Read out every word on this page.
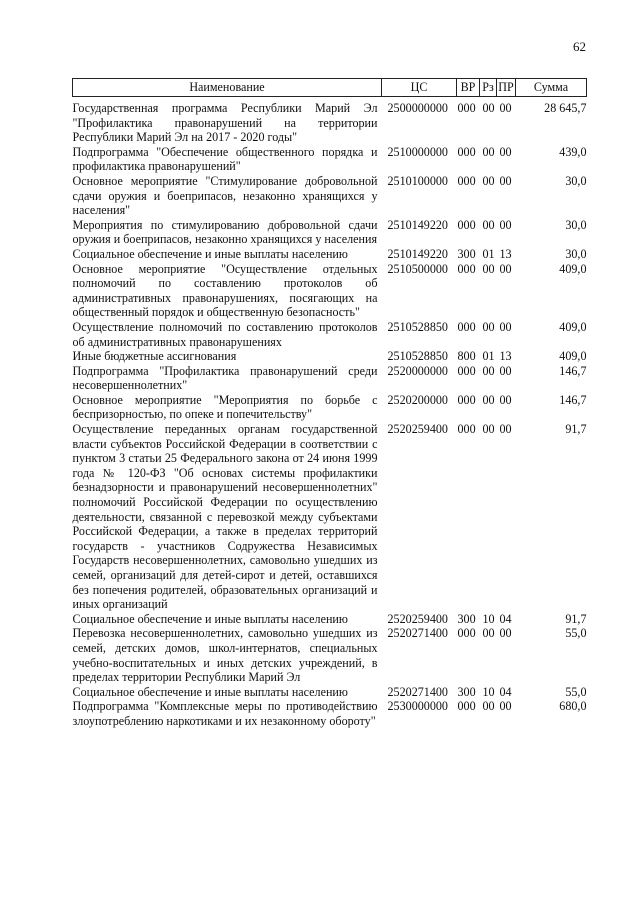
62
Наименование	ЦС	ВР	Рз	ПР	Сумма
Государственная программа Республики Марий Эл "Профилактика правонарушений на территории Республики Марий Эл на 2017 - 2020 годы"	2500000000	000	00	00	28 645,7
Подпрограмма "Обеспечение общественного порядка и профилактика правонарушений"	2510000000	000	00	00	439,0
Основное мероприятие "Стимулирование добровольной сдачи оружия и боеприпасов, незаконно хранящихся у населения"	2510100000	000	00	00	30,0
Мероприятия по стимулированию добровольной сдачи оружия и боеприпасов, незаконно хранящихся у населения	2510149220	000	00	00	30,0
Социальное обеспечение и иные выплаты населению	2510149220	300	01	13	30,0
Основное мероприятие "Осуществление отдельных полномочий по составлению протоколов об административных правонарушениях, посягающих на общественный порядок и общественную безопасность"	2510500000	000	00	00	409,0
Осуществление полномочий по составлению протоколов об административных правонарушениях	2510528850	000	00	00	409,0
Иные бюджетные ассигнования	2510528850	800	01	13	409,0
Подпрограмма "Профилактика правонарушений среди несовершеннолетних"	2520000000	000	00	00	146,7
Основное мероприятие "Мероприятия по борьбе с беспризорностью, по опеке и попечительству"	2520200000	000	00	00	146,7
Осуществление переданных органам государственной власти субъектов Российской Федерации в соответствии с пунктом 3 статьи 25 Федерального закона от 24 июня 1999 года № 120-ФЗ "Об основах системы профилактики безнадзорности и правонарушений несовершеннолетних" полномочий Российской Федерации по осуществлению деятельности, связанной с перевозкой между субъектами Российской Федерации, а также в пределах территорий государств - участников Содружества Независимых Государств несовершеннолетних, самовольно ушедших из семей, организаций для детей-сирот и детей, оставшихся без попечения родителей, образовательных организаций и иных организаций	2520259400	000	00	00	91,7
Социальное обеспечение и иные выплаты населению	2520259400	300	10	04	91,7
Перевозка несовершеннолетних, самовольно ушедших из семей, детских домов, школ-интернатов, специальных учебно-воспитательных и иных детских учреждений, в пределах территории Республики Марий Эл	2520271400	000	00	00	55,0
Социальное обеспечение и иные выплаты населению	2520271400	300	10	04	55,0
Подпрограмма "Комплексные меры по противодействию злоупотреблению наркотиками и их незаконному обороту"	2530000000	000	00	00	680,0
